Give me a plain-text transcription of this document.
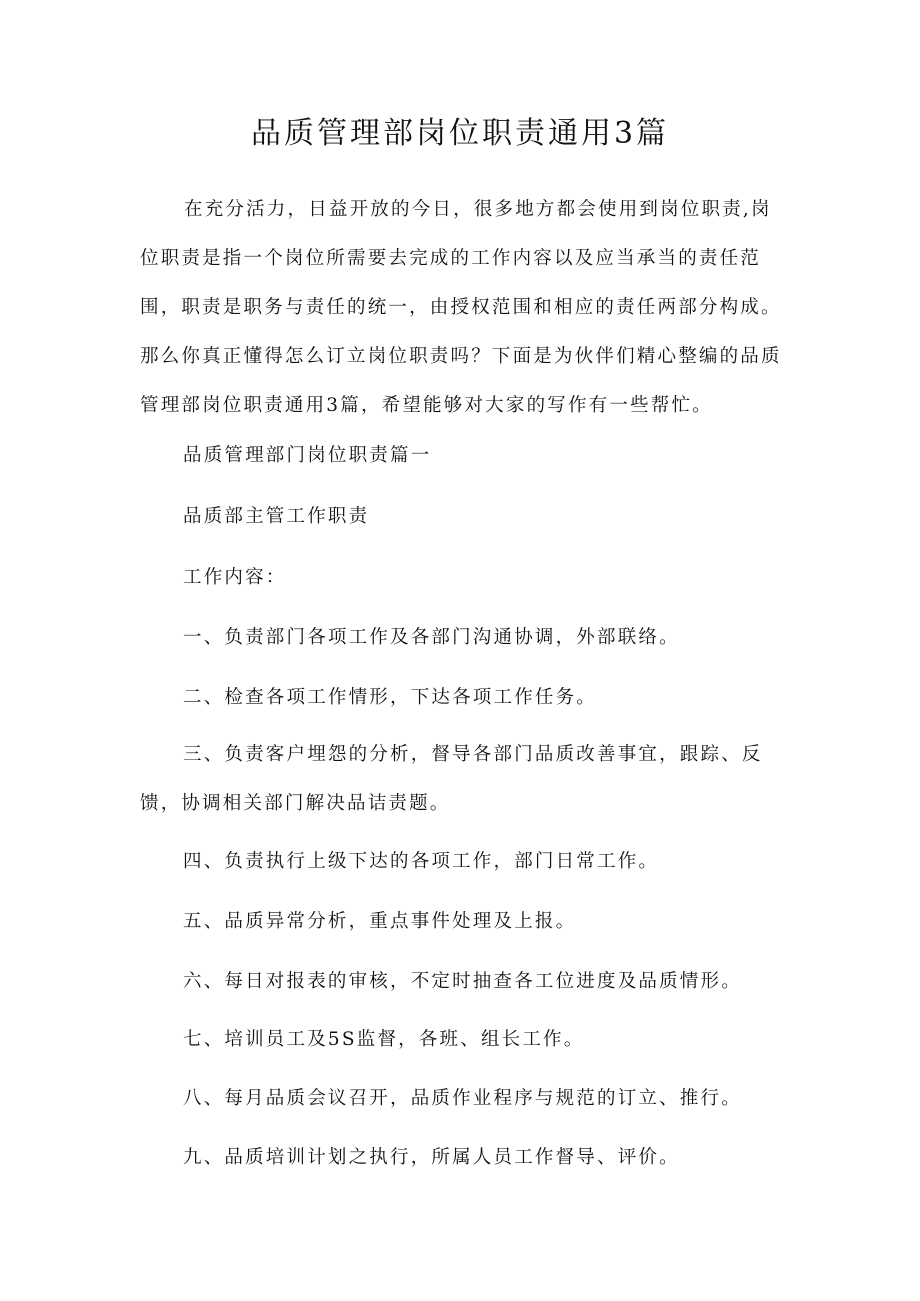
品质管理部岗位职责通用3篇

在充分活力，日益开放的今日，很多地方都会使用到岗位职责,岗位职责是指一个岗位所需要去完成的工作内容以及应当承当的责任范围，职责是职务与责任的统一，由授权范围和相应的责任两部分构成。那么你真正懂得怎么订立岗位职责吗？下面是为伙伴们精心整编的品质管理部岗位职责通用3篇，希望能够对大家的写作有一些帮忙。

品质管理部门岗位职责篇一

品质部主管工作职责

工作内容：

一、负责部门各项工作及各部门沟通协调，外部联络。

二、检查各项工作情形，下达各项工作任务。

三、负责客户埋怨的分析，督导各部门品质改善事宜，跟踪、反馈，协调相关部门解决品诘责题。

四、负责执行上级下达的各项工作，部门日常工作。

五、品质异常分析，重点事件处理及上报。

六、每日对报表的审核，不定时抽查各工位进度及品质情形。

七、培训员工及5S监督，各班、组长工作。

八、每月品质会议召开，品质作业程序与规范的订立、推行。

九、品质培训计划之执行，所属人员工作督导、评价。
